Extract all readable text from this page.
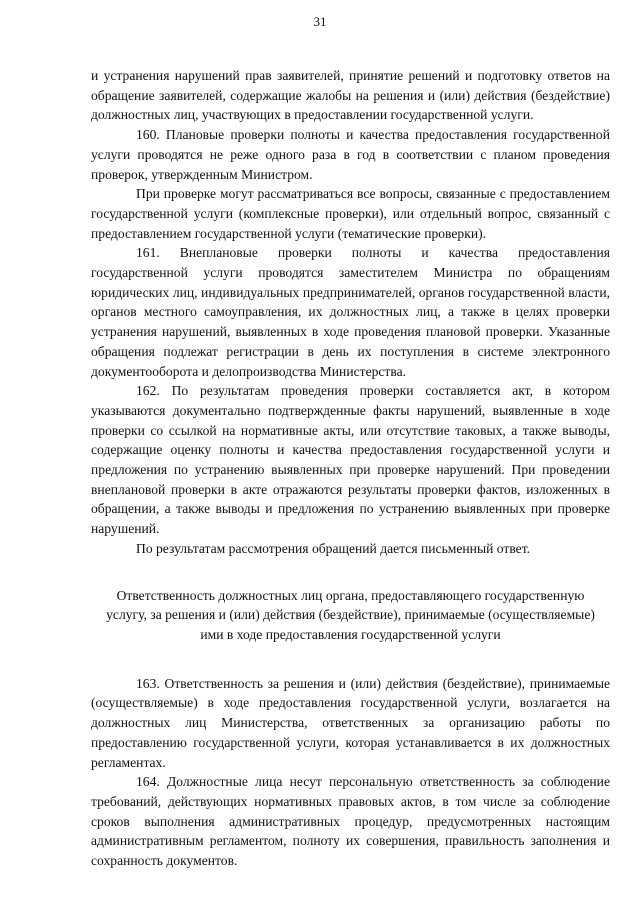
31

и устранения нарушений прав заявителей, принятие решений и подготовку ответов на обращение заявителей, содержащие жалобы на решения и (или) действия (бездействие) должностных лиц, участвующих в предоставлении государственной услуги.

160. Плановые проверки полноты и качества предоставления государственной услуги проводятся не реже одного раза в год в соответствии с планом проведения проверок, утвержденным Министром.

При проверке могут рассматриваться все вопросы, связанные с предоставлением государственной услуги (комплексные проверки), или отдельный вопрос, связанный с предоставлением государственной услуги (тематические проверки).

161. Внеплановые проверки полноты и качества предоставления государственной услуги проводятся заместителем Министра по обращениям юридических лиц, индивидуальных предпринимателей, органов государственной власти, органов местного самоуправления, их должностных лиц, а также в целях проверки устранения нарушений, выявленных в ходе проведения плановой проверки. Указанные обращения подлежат регистрации в день их поступления в системе электронного документооборота и делопроизводства Министерства.

162. По результатам проведения проверки составляется акт, в котором указываются документально подтвержденные факты нарушений, выявленные в ходе проверки со ссылкой на нормативные акты, или отсутствие таковых, а также выводы, содержащие оценку полноты и качества предоставления государственной услуги и предложения по устранению выявленных при проверке нарушений. При проведении внеплановой проверки в акте отражаются результаты проверки фактов, изложенных в обращении, а также выводы и предложения по устранению выявленных при проверке нарушений.

По результатам рассмотрения обращений дается письменный ответ.

Ответственность должностных лиц органа, предоставляющего государственную услугу, за решения и (или) действия (бездействие), принимаемые (осуществляемые) ими в ходе предоставления государственной услуги

163. Ответственность за решения и (или) действия (бездействие), принимаемые (осуществляемые) в ходе предоставления государственной услуги, возлагается на должностных лиц Министерства, ответственных за организацию работы по предоставлению государственной услуги, которая устанавливается в их должностных регламентах.

164. Должностные лица несут персональную ответственность за соблюдение требований, действующих нормативных правовых актов, в том числе за соблюдение сроков выполнения административных процедур, предусмотренных настоящим административным регламентом, полноту их совершения, правильность заполнения и сохранность документов.
